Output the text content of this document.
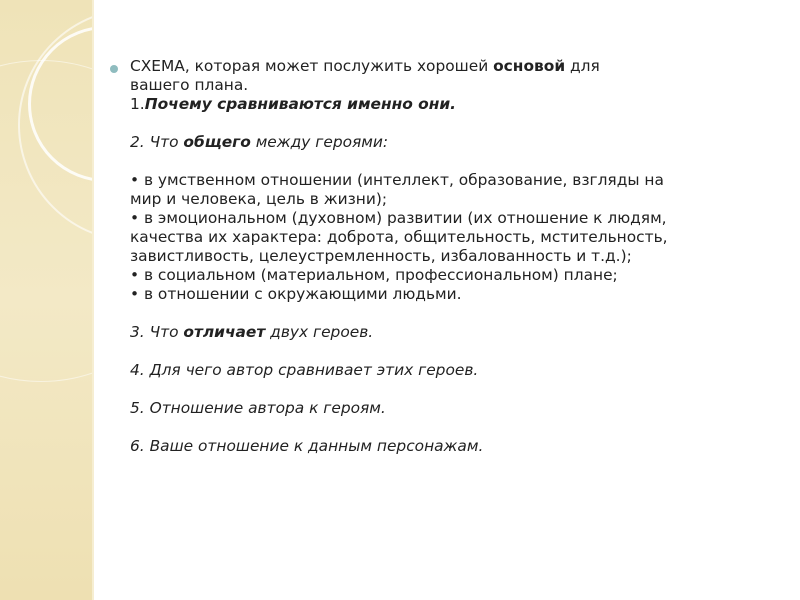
СХЕМА, которая может послужить хорошей основой для
вашего плана.
1.Почему сравниваются именно они.
2. Что общего между героями:
• в умственном отношении (интеллект, образование, взгляды на
мир и человека, цель в жизни);
• в эмоциональном (духовном) развитии (их отношение к людям,
качества их характера: доброта, общительность, мстительность,
завистливость, целеустремленность, избалованность и т.д.);
• в социальном (материальном, профессиональном) плане;
• в отношении с окружающими людьми.
3. Что отличает двух героев.
4. Для чего автор сравнивает этих героев.
5. Отношение автора к героям.
6. Ваше отношение к данным персонажам.
